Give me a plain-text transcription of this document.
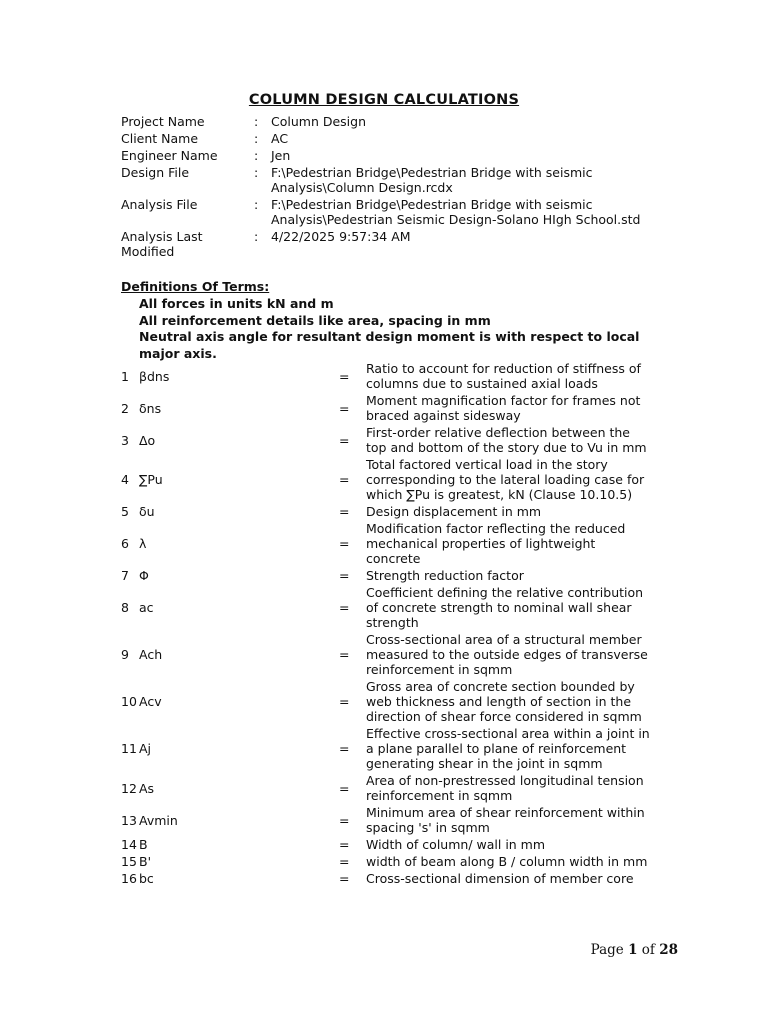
COLUMN DESIGN CALCULATIONS
Project Name	:	Column Design
Client Name	:	AC
Engineer Name	:	Jen
Design File	:	F:\Pedestrian Bridge\Pedestrian Bridge with seismic Analysis\Column Design.rcdx
Analysis File	:	F:\Pedestrian Bridge\Pedestrian Bridge with seismic Analysis\Pedestrian Seismic Design-Solano HIgh School.std
Analysis Last Modified	:	4/22/2025 9:57:34 AM
Definitions Of Terms:
All forces in units kN and m
All reinforcement details like area, spacing in mm
Neutral axis angle for resultant design moment is with respect to local major axis.
1	βdns	=	Ratio to account for reduction of stiffness of columns due to sustained axial loads
2	δns	=	Moment magnification factor for frames not braced against sidesway
3	Δo	=	First-order relative deflection between the top and bottom of the story due to Vu in mm
4	∑Pu	=	Total factored vertical load in the story corresponding to the lateral loading case for which ∑Pu is greatest, kN (Clause 10.10.5)
5	δu	=	Design displacement in mm
6	λ	=	Modification factor reflecting the reduced mechanical properties of lightweight concrete
7	Φ	=	Strength reduction factor
8	ac	=	Coefficient defining the relative contribution of concrete strength to nominal wall shear strength
9	Ach	=	Cross-sectional area of a structural member measured to the outside edges of transverse reinforcement in sqmm
10	Acv	=	Gross area of concrete section bounded by web thickness and length of section in the direction of shear force considered in sqmm
11	Aj	=	Effective cross-sectional area within a joint in a plane parallel to plane of reinforcement generating shear in the joint in sqmm
12	As	=	Area of non-prestressed longitudinal tension reinforcement in sqmm
13	Avmin	=	Minimum area of shear reinforcement within spacing 's' in sqmm
14	B	=	Width of column/ wall in mm
15	B'	=	width of beam along B / column width in mm
16	bc	=	Cross-sectional dimension of member core
Page 1 of 28
